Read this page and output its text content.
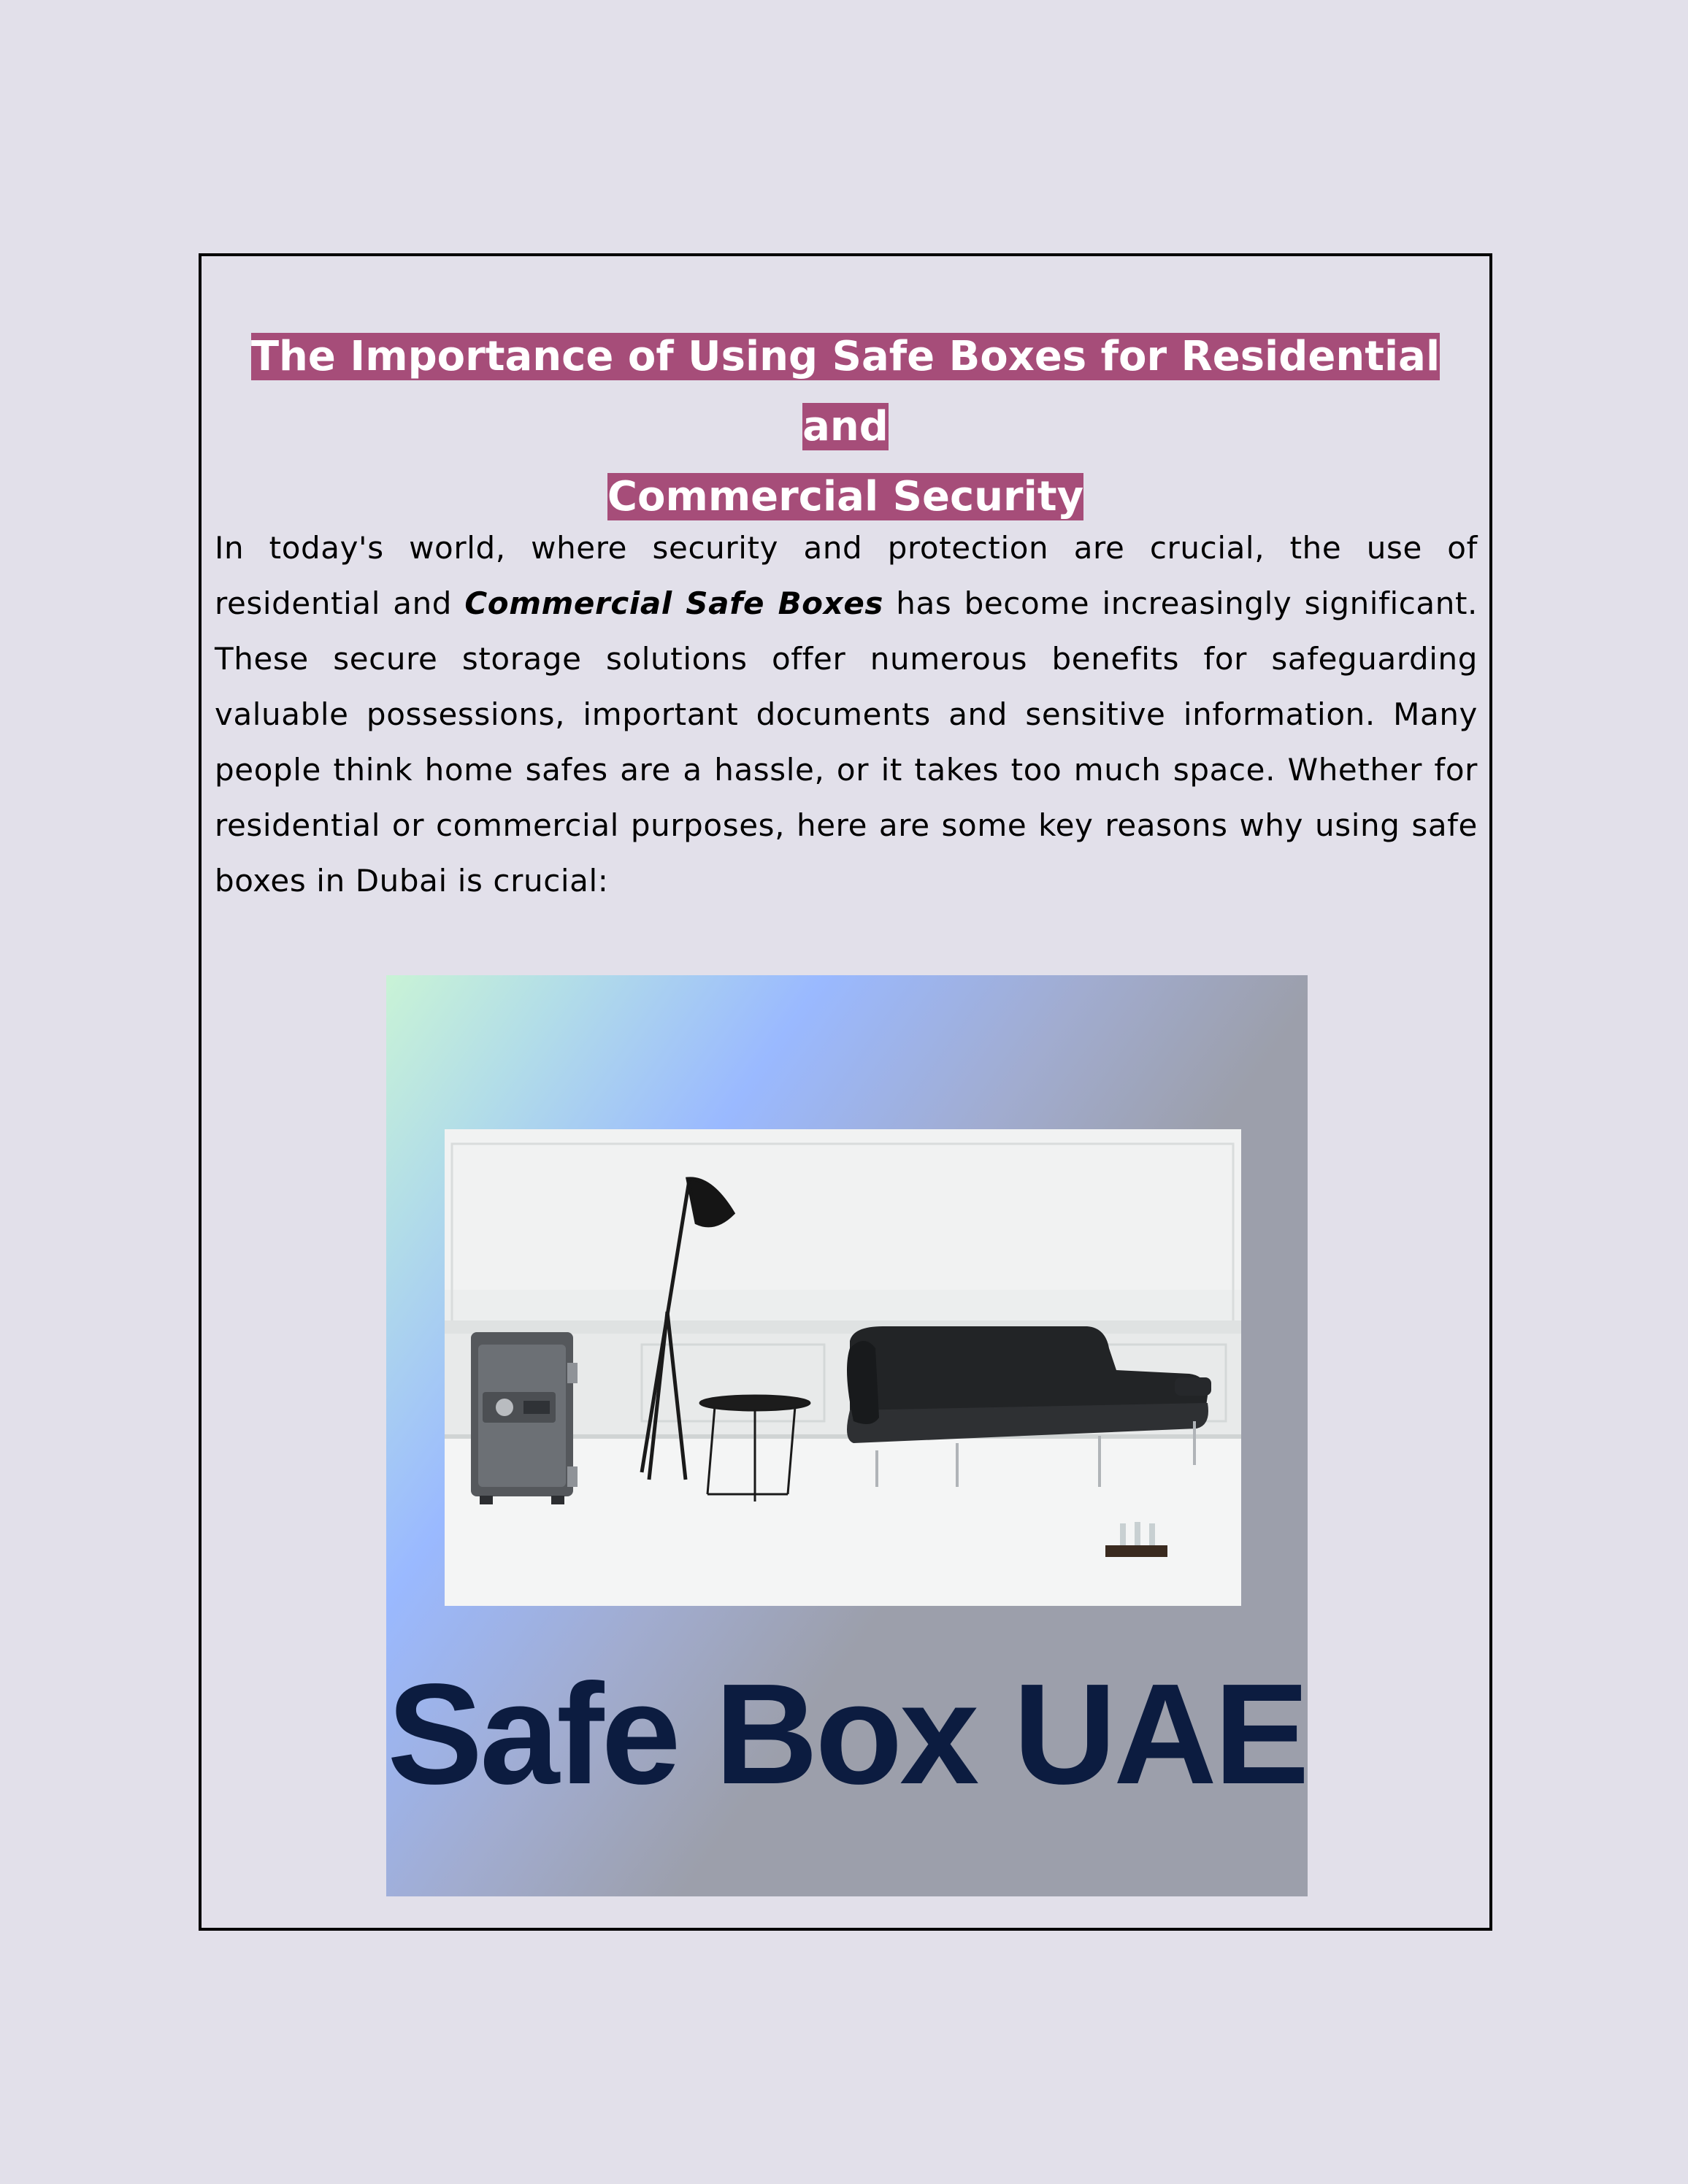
The Importance of Using Safe Boxes for Residential and
Commercial Security

In today's world, where security and protection are crucial, the use of residential and Commercial Safe Boxes has become increasingly significant. These secure storage solutions offer numerous benefits for safeguarding valuable possessions, important documents and sensitive information. Many people think home safes are a hassle, or it takes too much space. Whether for residential or commercial purposes, here are some key reasons why using safe boxes in Dubai is crucial:

Safe Box UAE
